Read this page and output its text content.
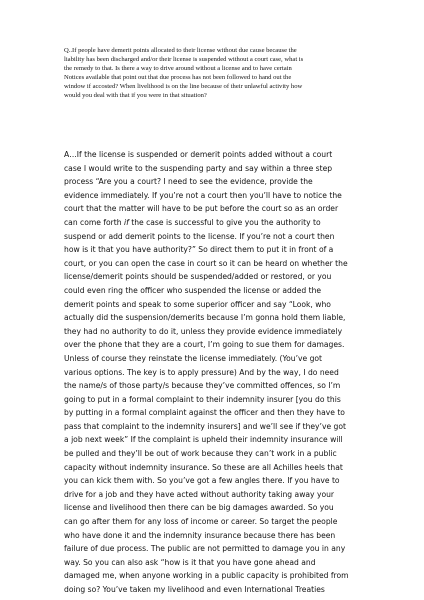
Q..If people have demerit points allocated to their license without due cause because the
liability has been discharged and/or their license is suspended without a court case, what is
the remedy to that. Is there a way to drive around without a license and to have certain
Notices available that point out that due process has not been followed to hand out the
window if accosted? When livelihood is on the line because of their unlawful activity how
would you deal with that if you were in that situation?
A…If the license is suspended or demerit points added without a court
case I would write to the suspending party and say within a three step
process “Are you a court? I need to see the evidence, provide the
evidence immediately. If you’re not a court then you’ll have to notice the
court that the matter will have to be put before the court so as an order
can come forth if the case is successful to give you the authority to
suspend or add demerit points to the license. If you’re not a court then
how is it that you have authority?” So direct them to put it in front of a
court, or you can open the case in court so it can be heard on whether the
license/demerit points should be suspended/added or restored, or you
could even ring the officer who suspended the license or added the
demerit points and speak to some superior officer and say “Look, who
actually did the suspension/demerits because I’m gonna hold them liable,
they had no authority to do it, unless they provide evidence immediately
over the phone that they are a court, I’m going to sue them for damages.
Unless of course they reinstate the license immediately. (You’ve got
various options. The key is to apply pressure) And by the way, I do need
the name/s of those party/s because they’ve committed offences, so I’m
going to put in a formal complaint to their indemnity insurer [you do this
by putting in a formal complaint against the officer and then they have to
pass that complaint to the indemnity insurers] and we’ll see if they’ve got
a job next week” If the complaint is upheld their indemnity insurance will
be pulled and they’ll be out of work because they can’t work in a public
capacity without indemnity insurance. So these are all Achilles heels that
you can kick them with. So you’ve got a few angles there. If you have to
drive for a job and they have acted without authority taking away your
license and livelihood then there can be big damages awarded. So you
can go after them for any loss of income or career. So target the people
who have done it and the indemnity insurance because there has been
failure of due process. The public are not permitted to damage you in any
way. So you can also ask “how is it that you have gone ahead and
damaged me, when anyone working in a public capacity is prohibited from
doing so? You’ve taken my livelihood and even International Treaties
